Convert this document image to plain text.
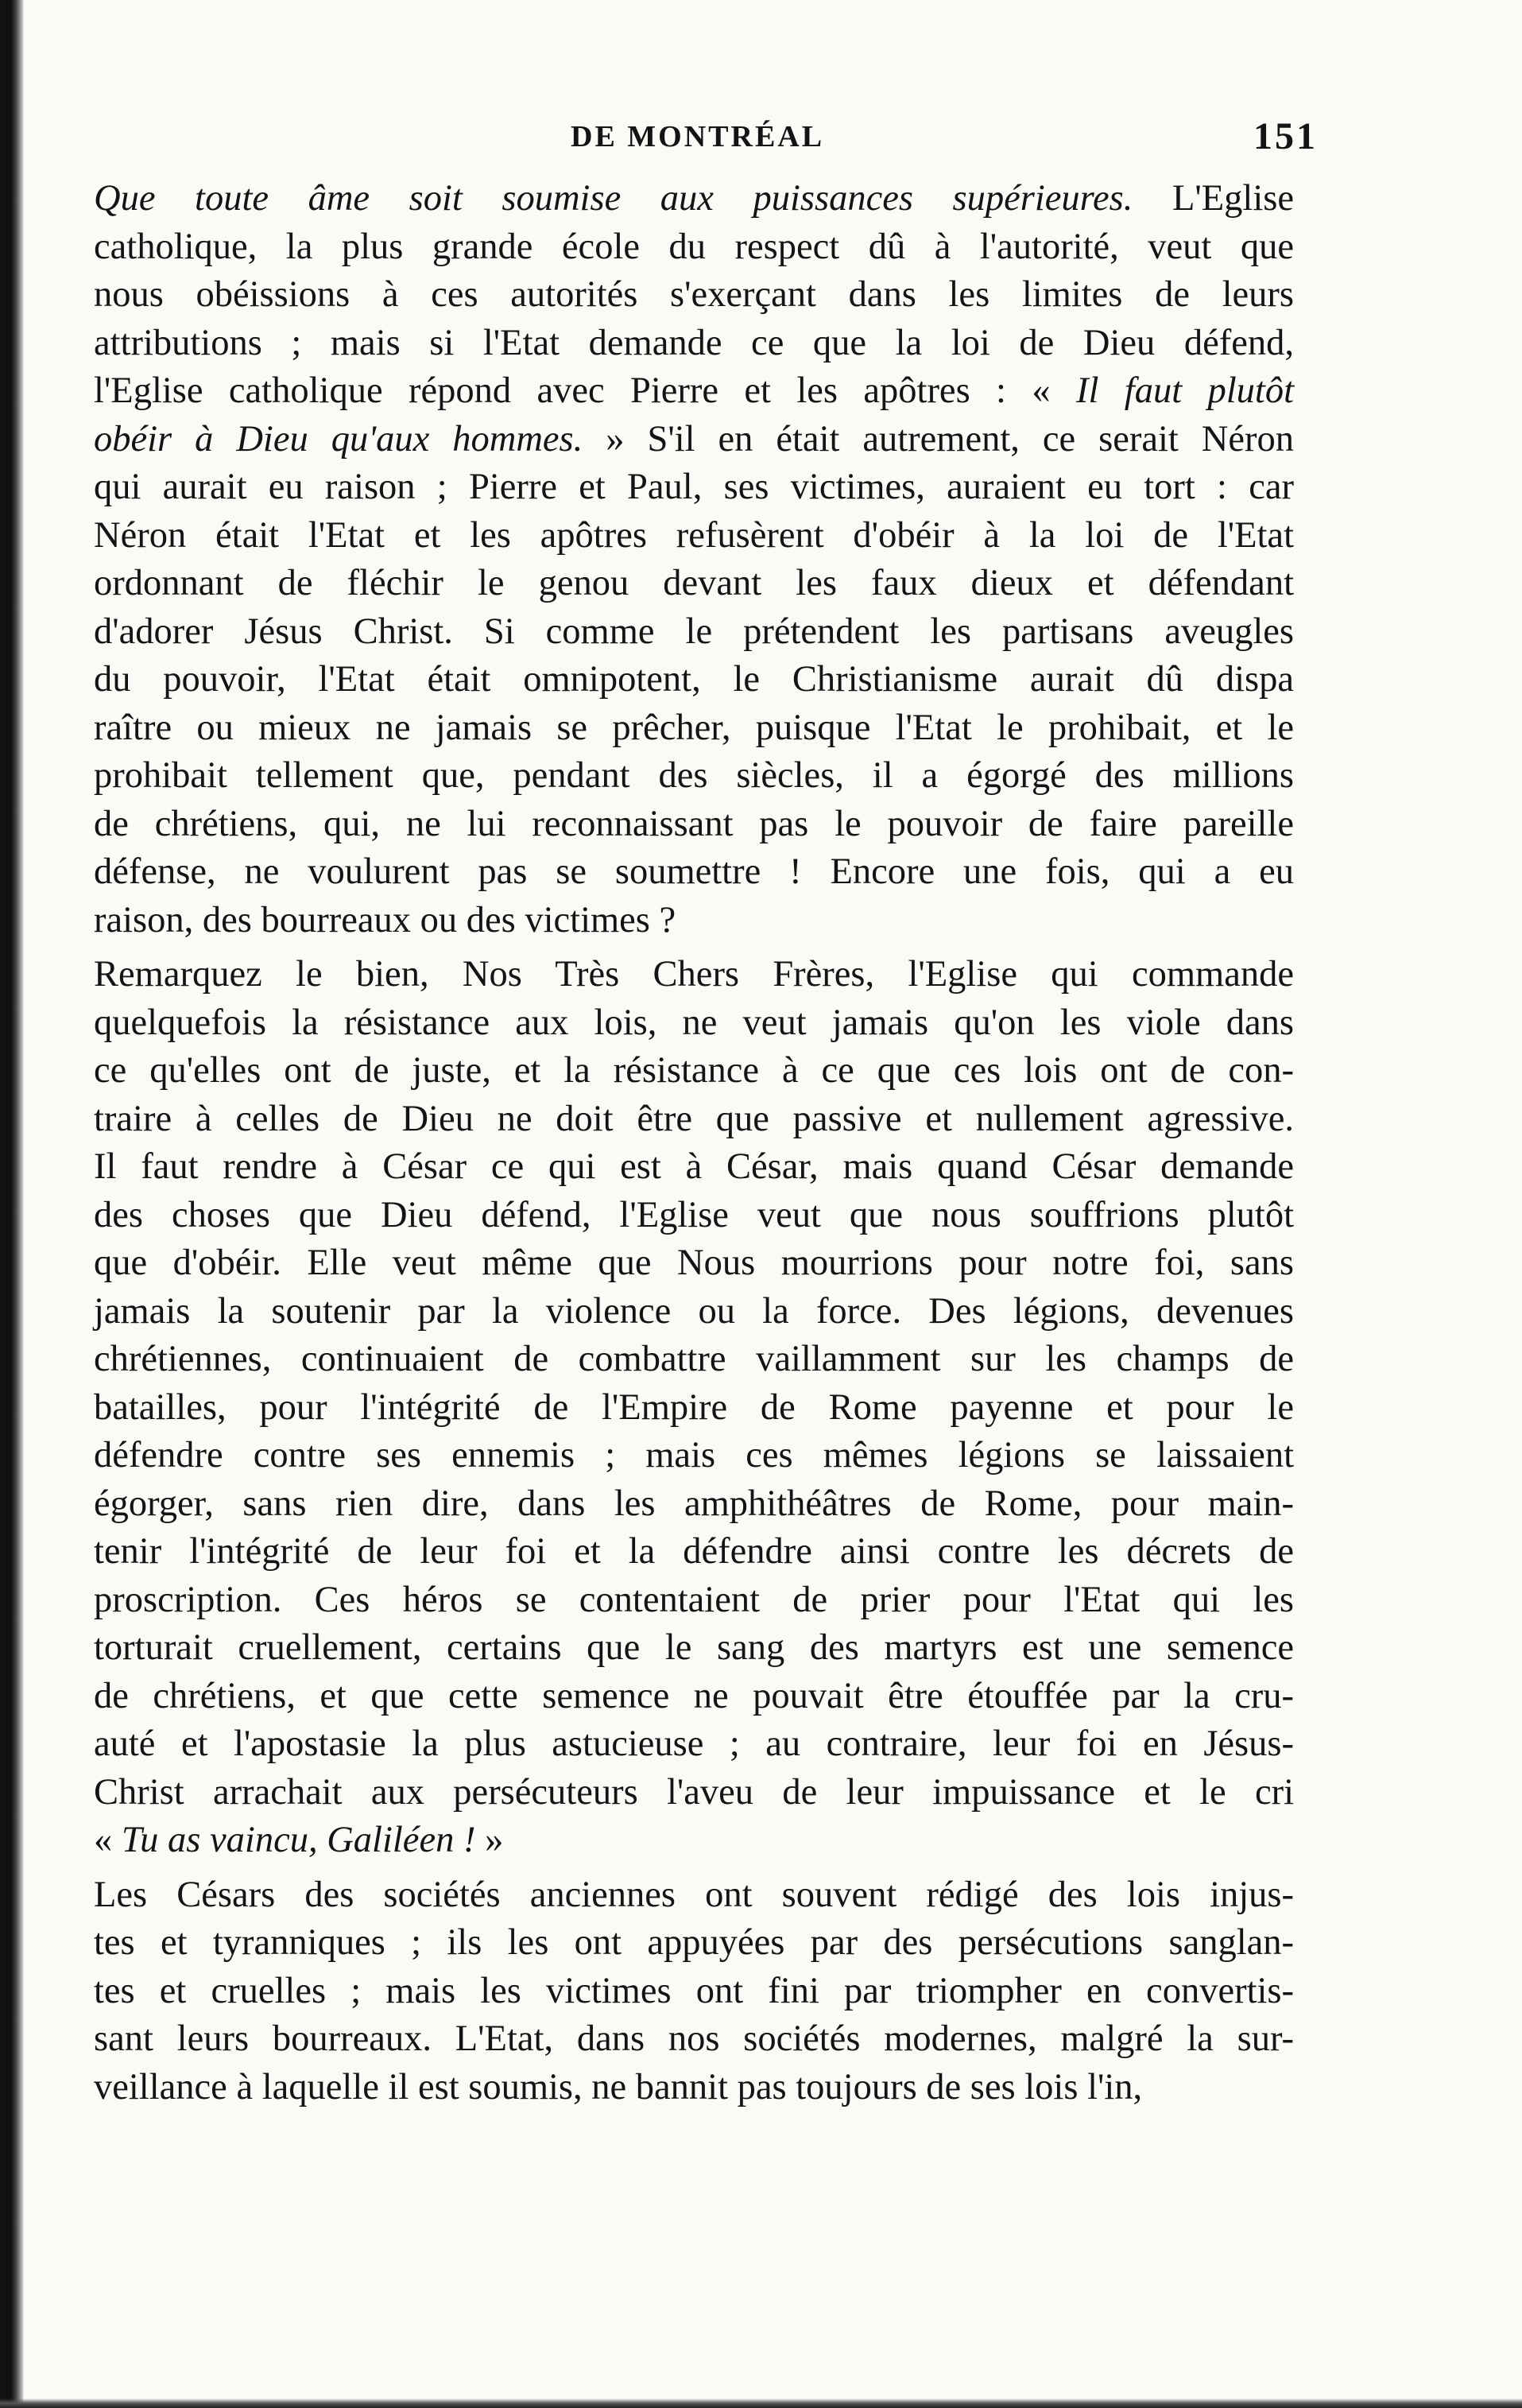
DE MONTRÉAL	151

Que toute âme soit soumise aux puissances supérieures. L'Eglise
catholique, la plus grande école du respect dû à l'autorité, veut que
nous obéissions à ces autorités s'exerçant dans les limites de leurs
attributions ; mais si l'Etat demande ce que la loi de Dieu défend,
l'Eglise catholique répond avec Pierre et les apôtres : « Il faut plutôt
obéir à Dieu qu'aux hommes. » S'il en était autrement, ce serait Néron
qui aurait eu raison ; Pierre et Paul, ses victimes, auraient eu tort : car
Néron était l'Etat et les apôtres refusèrent d'obéir à la loi de l'Etat
ordonnant de fléchir le genou devant les faux dieux et défendant
d'adorer Jésus Christ. Si comme le prétendent les partisans aveugles
du pouvoir, l'Etat était omnipotent, le Christianisme aurait dû dispa
raître ou mieux ne jamais se prêcher, puisque l'Etat le prohibait, et le
prohibait tellement que, pendant des siècles, il a égorgé des millions
de chrétiens, qui, ne lui reconnaissant pas le pouvoir de faire pareille
défense, ne voulurent pas se soumettre ! Encore une fois, qui a eu
raison, des bourreaux ou des victimes ?

Remarquez le bien, Nos Très Chers Frères, l'Eglise qui commande
quelquefois la résistance aux lois, ne veut jamais qu'on les viole dans
ce qu'elles ont de juste, et la résistance à ce que ces lois ont de con-
traire à celles de Dieu ne doit être que passive et nullement agressive.
Il faut rendre à César ce qui est à César, mais quand César demande
des choses que Dieu défend, l'Eglise veut que nous souffrions plutôt
que d'obéir. Elle veut même que Nous mourrions pour notre foi, sans
jamais la soutenir par la violence ou la force. Des légions, devenues
chrétiennes, continuaient de combattre vaillamment sur les champs de
batailles, pour l'intégrité de l'Empire de Rome payenne et pour le
défendre contre ses ennemis ; mais ces mêmes légions se laissaient
égorger, sans rien dire, dans les amphithéâtres de Rome, pour main-
tenir l'intégrité de leur foi et la défendre ainsi contre les décrets de
proscription. Ces héros se contentaient de prier pour l'Etat qui les
torturait cruellement, certains que le sang des martyrs est une semence
de chrétiens, et que cette semence ne pouvait être étouffée par la cru-
auté et l'apostasie la plus astucieuse ; au contraire, leur foi en Jésus-
Christ arrachait aux persécuteurs l'aveu de leur impuissance et le cri
« Tu as vaincu, Galiléen ! »

Les Césars des sociétés anciennes ont souvent rédigé des lois injus-
tes et tyranniques ; ils les ont appuyées par des persécutions sanglan-
tes et cruelles ; mais les victimes ont fini par triompher en convertis-
sant leurs bourreaux. L'Etat, dans nos sociétés modernes, malgré la sur-
veillance à laquelle il est soumis, ne bannit pas toujours de ses lois l'in,
